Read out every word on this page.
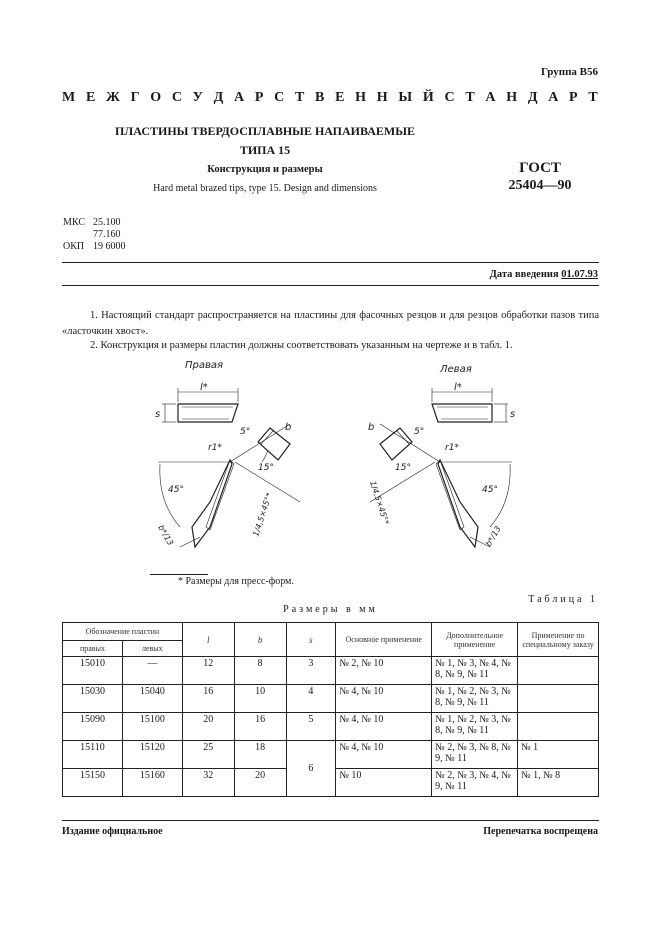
Группа В56
М Е Ж Г О С У Д А Р С Т В Е Н Н Ы Й С Т А Н Д А Р Т
ПЛАСТИНЫ ТВЕРДОСПЛАВНЫЕ НАПАИВАЕМЫЕ
ТИПА 15
Конструкция и размеры
Hard metal brazed tips, type 15. Design and dimensions
ГОСТ
25404—90
МКС 25.100
77.160
ОКП 19 6000
Дата введения 01.07.93
1. Настоящий стандарт распространяется на пластины для фасочных резцов и для резцов обработки пазов типа «ласточкин хвост».
2. Конструкция и размеры пластин должны соответствовать указанным на чертеже и в табл. 1.
Правая	Левая
l*	l*
s	s
b	b
r1*	r1*
5°	5°
15°	15°
45°	45°
1/4,5×45°*	1/4,5×45°*
b*/13	b*/13
* Размеры для пресс-форм.
Таблица 1
Размеры в мм
Обозначение пластин		l	b	s	Основное применение	Дополнительное применение	Применение по специальному заказу
правых	левых						
15010	—	12	8	3	№ 2, № 10	№ 1, № 3, № 4, № 8, № 9, № 11	
15030	15040	16	10	4	№ 4, № 10	№ 1, № 2, № 3, № 8, № 9, № 11	
15090	15100	20	16	5	№ 4, № 10	№ 1, № 2, № 3, № 8, № 9, № 11	
15110	15120	25	18	6	№ 4, № 10	№ 2, № 3, № 8, № 9, № 11	№ 1
15150	15160	32	20		№ 10	№ 2, № 3, № 4, № 9, № 11	№ 1, № 8
Издание официальное	Перепечатка воспрещена
